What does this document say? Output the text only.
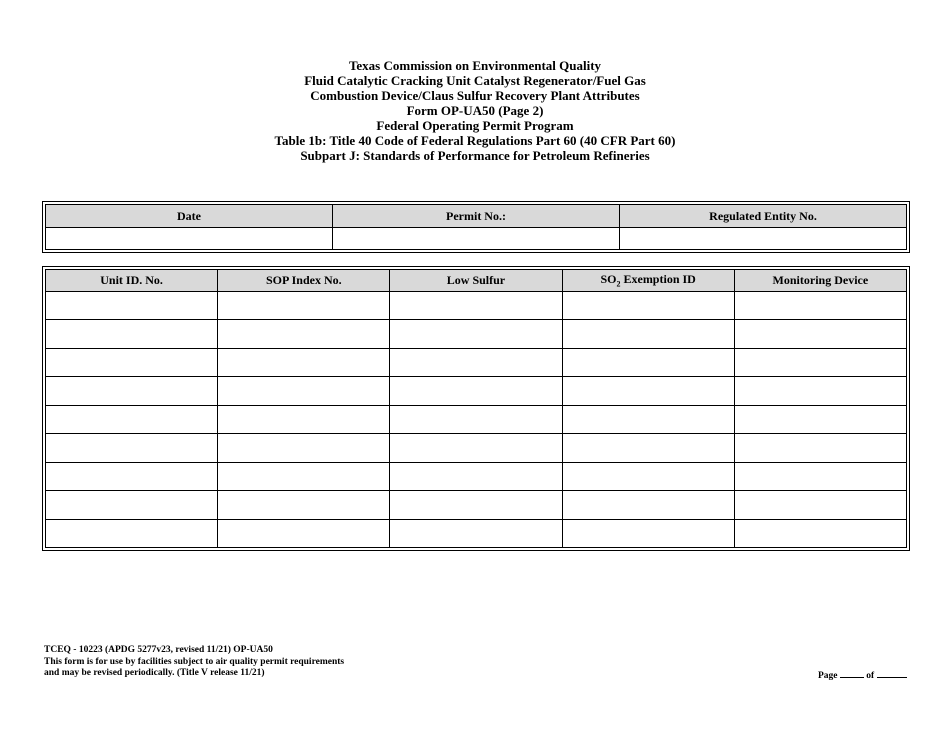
Texas Commission on Environmental Quality
Fluid Catalytic Cracking Unit Catalyst Regenerator/Fuel Gas
Combustion Device/Claus Sulfur Recovery Plant Attributes
Form OP-UA50 (Page 2)
Federal Operating Permit Program
Table 1b: Title 40 Code of Federal Regulations Part 60 (40 CFR Part 60)
Subpart J: Standards of Performance for Petroleum Refineries
Date	Permit No.:	Regulated Entity No.

Unit ID. No.	SOP Index No.	Low Sulfur	$SO_2$ Exemption ID	Monitoring Device

TCEQ - 10223 (APDG 5277v23, revised 11/21) OP-UA50
This form is for use by facilities subject to air quality permit requirements
and may be revised periodically. (Title V release 11/21)	Page	of
